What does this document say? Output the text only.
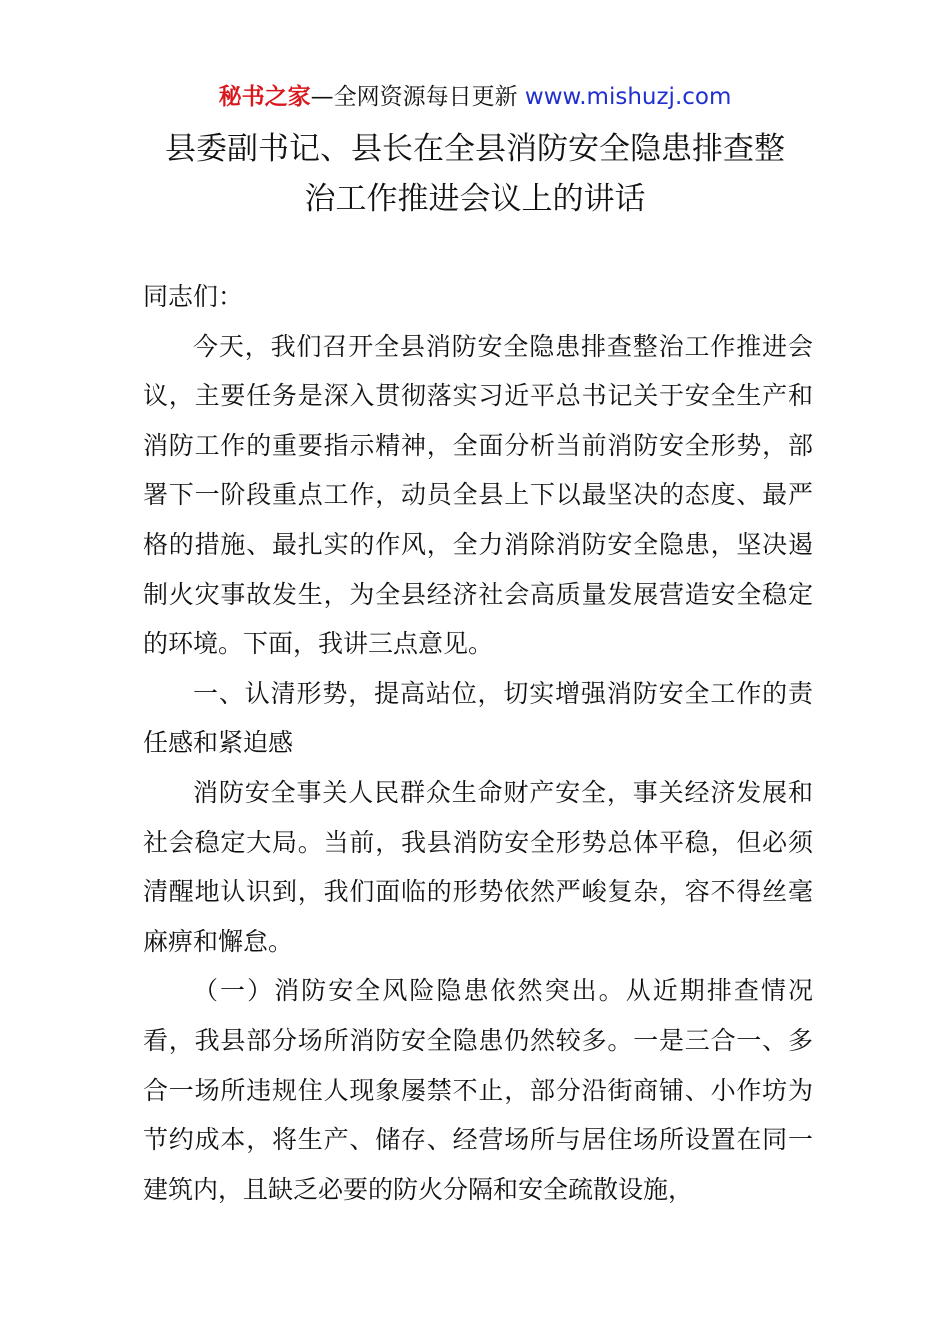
秘书之家—全网资源每日更新 www.mishuzj.com
县委副书记、县长在全县消防安全隐患排查整
治工作推进会议上的讲话

同志们：

今天，我们召开全县消防安全隐患排查整治工作推进会议，主要任务是深入贯彻落实习近平总书记关于安全生产和消防工作的重要指示精神，全面分析当前消防安全形势，部署下一阶段重点工作，动员全县上下以最坚决的态度、最严格的措施、最扎实的作风，全力消除消防安全隐患，坚决遏制火灾事故发生，为全县经济社会高质量发展营造安全稳定的环境。下面，我讲三点意见。

一、认清形势，提高站位，切实增强消防安全工作的责任感和紧迫感

消防安全事关人民群众生命财产安全，事关经济发展和社会稳定大局。当前，我县消防安全形势总体平稳，但必须清醒地认识到，我们面临的形势依然严峻复杂，容不得丝毫麻痹和懈怠。

（一）消防安全风险隐患依然突出。从近期排查情况看，我县部分场所消防安全隐患仍然较多。一是三合一、多合一场所违规住人现象屡禁不止，部分沿街商铺、小作坊为节约成本，将生产、储存、经营场所与居住场所设置在同一建筑内，且缺乏必要的防火分隔和安全疏散设施，
